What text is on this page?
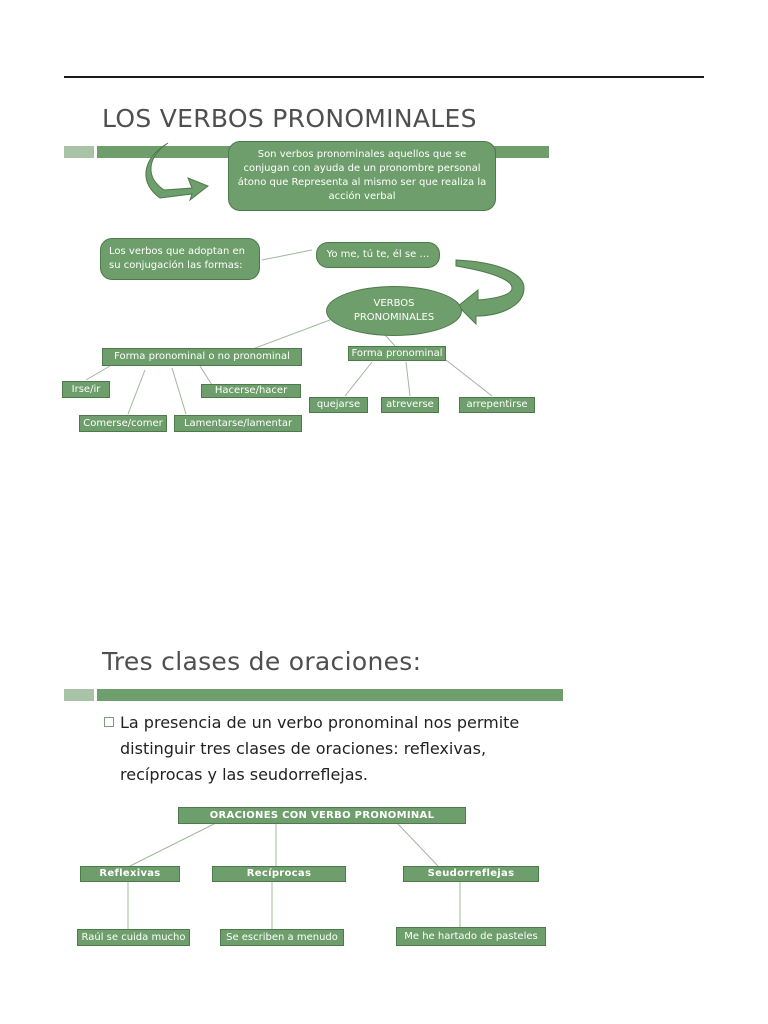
LOS VERBOS PRONOMINALES
Son verbos pronominales aquellos que se conjugan con ayuda de un pronombre personal átono que Representa al mismo ser que realiza la acción verbal
Los verbos que adoptan en su conjugación las formas:
Yo me, tú te, él se …
VERBOS
PRONOMINALES
Forma pronominal o no pronominal	Forma pronominal
Irse/ir	Hacerse/hacer
Comerse/comer	Lamentarse/lamentar
quejarse	atreverse	arrepentirse
Tres clases de oraciones:
La presencia de un verbo pronominal nos permite distinguir tres clases de oraciones: reflexivas, recíprocas y las seudorreflejas.
ORACIONES CON VERBO PRONOMINAL
Reflexivas	Recíprocas	Seudorreflejas
Raúl se cuida mucho	Se escriben a menudo	Me he hartado de pasteles
